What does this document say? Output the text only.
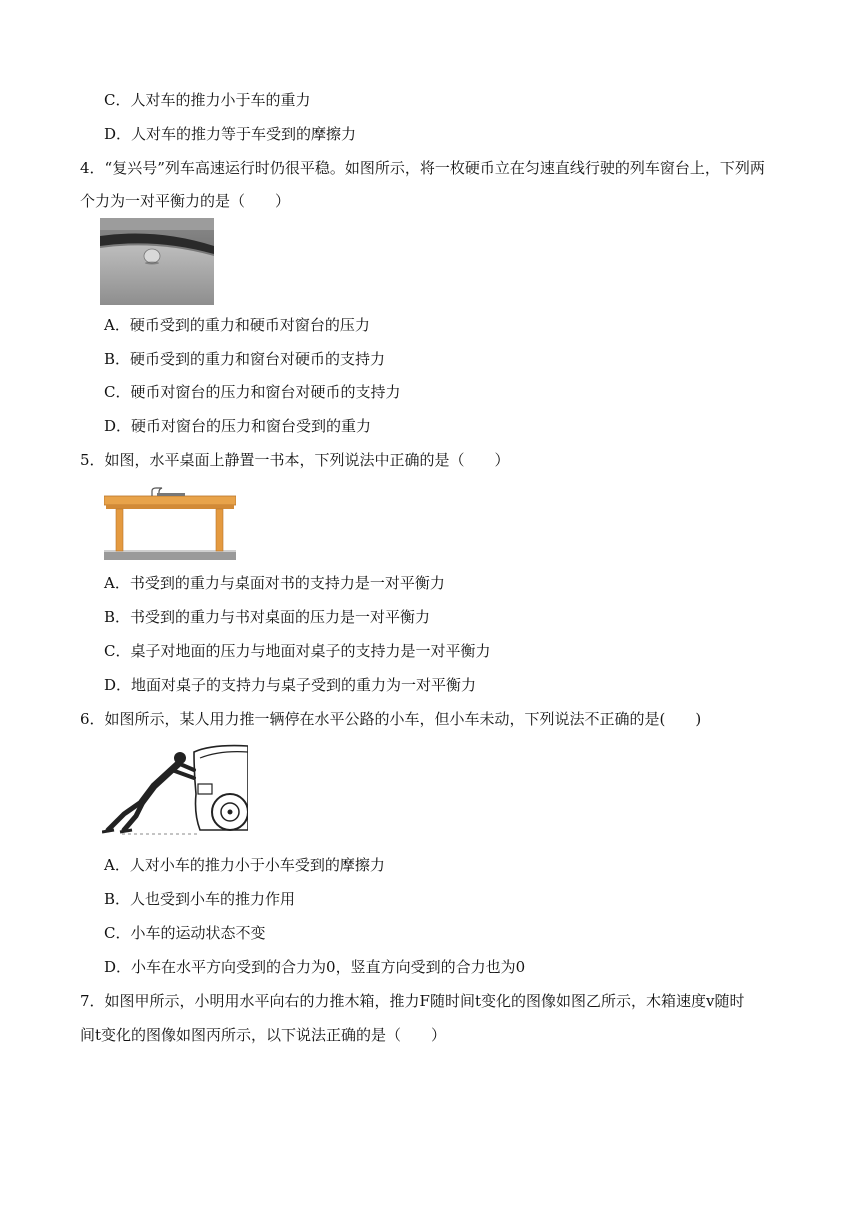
C．人对车的推力小于车的重力
D．人对车的推力等于车受到的摩擦力
4．“复兴号”列车高速运行时仍很平稳。如图所示，将一枚硬币立在匀速直线行驶的列车窗台上，下列两
个力为一对平衡力的是（　　）
A．硬币受到的重力和硬币对窗台的压力
B．硬币受到的重力和窗台对硬币的支持力
C．硬币对窗台的压力和窗台对硬币的支持力
D．硬币对窗台的压力和窗台受到的重力
5．如图，水平桌面上静置一书本，下列说法中正确的是（　　）
A．书受到的重力与桌面对书的支持力是一对平衡力
B．书受到的重力与书对桌面的压力是一对平衡力
C．桌子对地面的压力与地面对桌子的支持力是一对平衡力
D．地面对桌子的支持力与桌子受到的重力为一对平衡力
6．如图所示，某人用力推一辆停在水平公路的小车，但小车未动，下列说法不正确的是(　　)
A．人对小车的推力小于小车受到的摩擦力
B．人也受到小车的推力作用
C．小车的运动状态不变
D．小车在水平方向受到的合力为0，竖直方向受到的合力也为0
7．如图甲所示，小明用水平向右的力推木箱，推力F随时间t变化的图像如图乙所示，木箱速度v随时
间t变化的图像如图丙所示，以下说法正确的是（　　）
